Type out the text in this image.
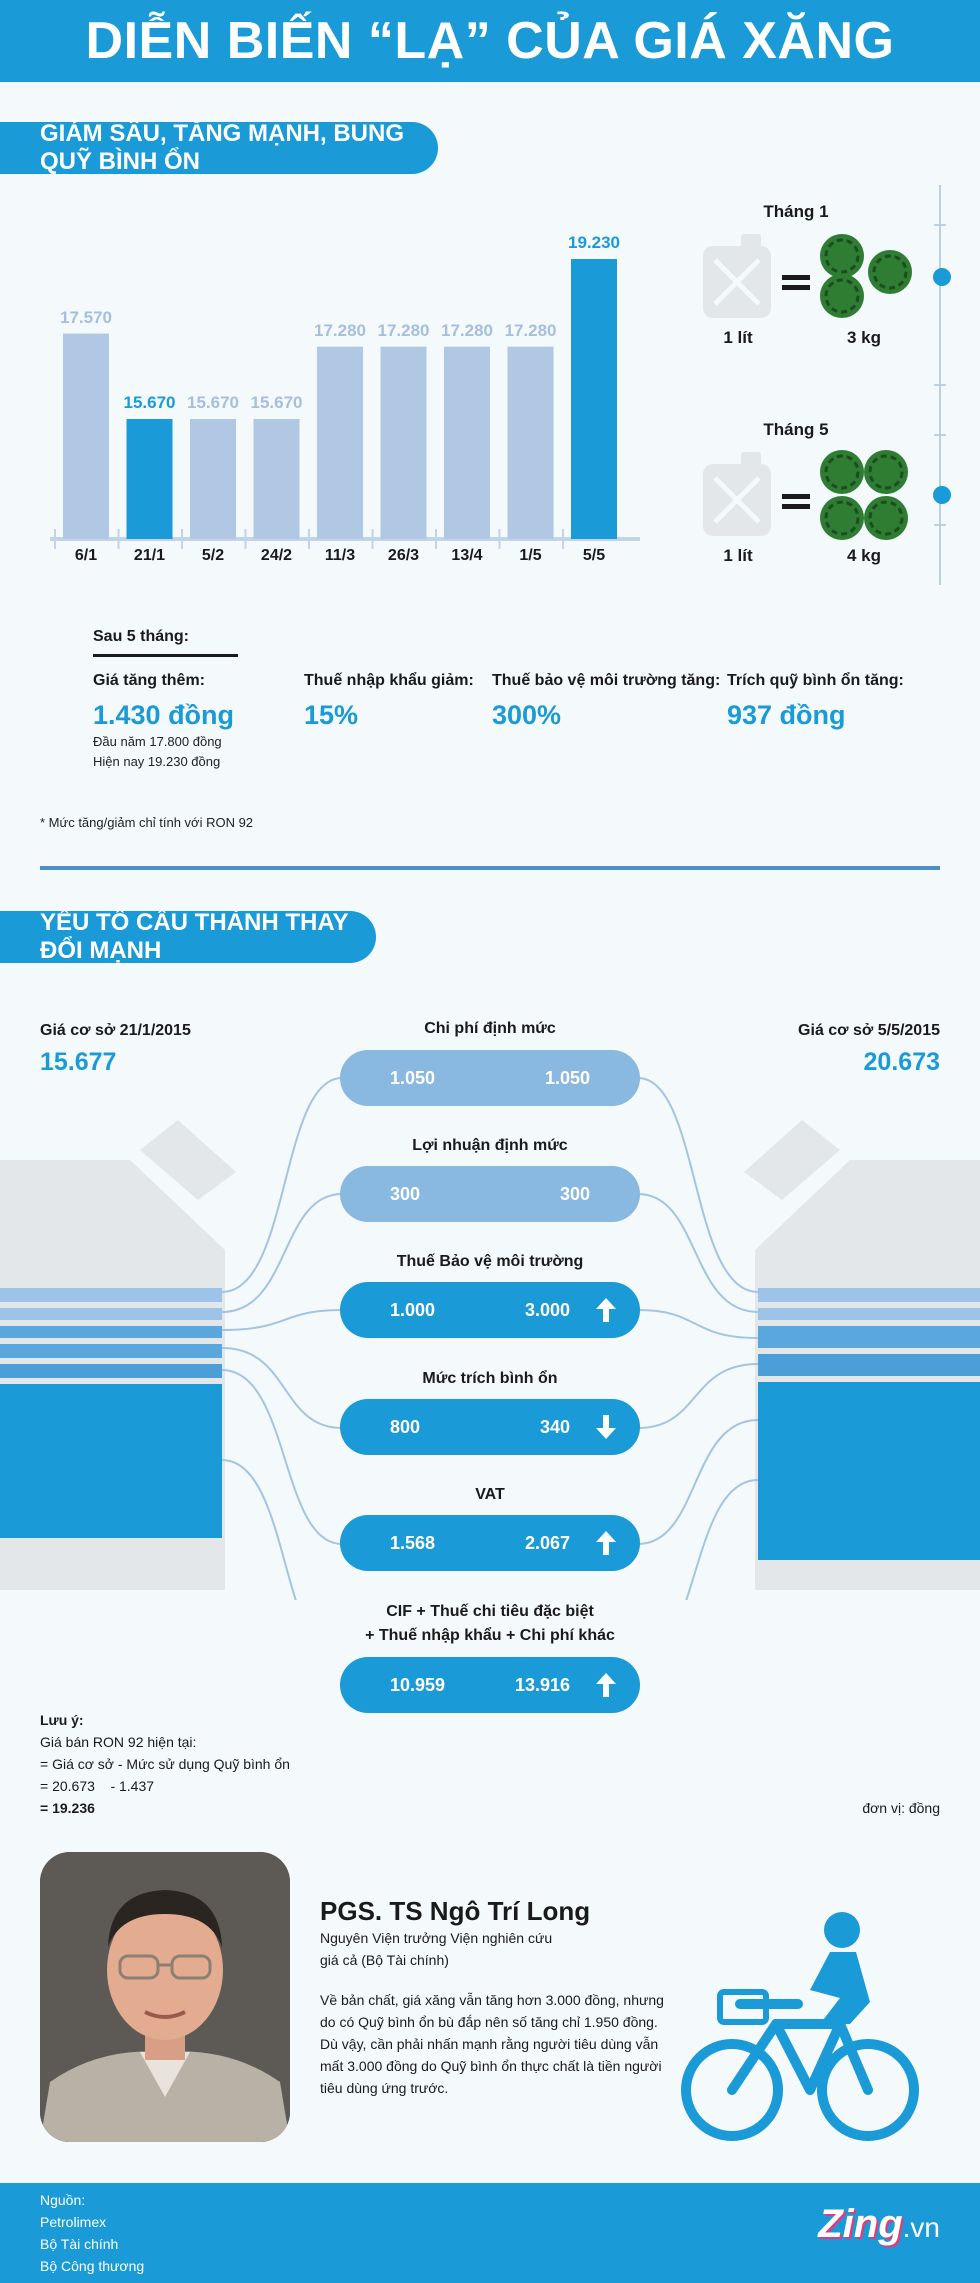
DIỄN BIẾN “LẠ” CỦA GIÁ XĂNG
GIẢM SÂU, TĂNG MẠNH, BUNG QUỸ BÌNH ỔN
17.570
6/1
15.670
21/1
15.670
5/2
15.670
24/2
17.280
11/3
17.280
26/3
17.280
13/4
17.280
1/5
19.230
5/5
Tháng 1
1 lít	3 kg
Tháng 5
1 lít	4 kg
Sau 5 tháng:
Giá tăng thêm:
1.430 đồng
Đầu năm 17.800 đồng
Hiện nay 19.230 đồng
Thuế nhập khẩu giảm:
15%
Thuế bảo vệ môi trường tăng:
300%
Trích quỹ bình ổn tăng:
937 đồng
* Mức tăng/giảm chỉ tính với RON 92
YẾU TỐ CẤU THÀNH THAY ĐỔI MẠNH
Giá cơ sở 21/1/2015
15.677
Giá cơ sở 5/5/2015
20.673
Chi phí định mức
1.050	1.050
Lợi nhuận định mức
300	300
Thuế Bảo vệ môi trường
1.000	3.000
Mức trích bình ổn
800	340
VAT
1.568	2.067
CIF + Thuế chi tiêu đặc biệt
+ Thuế nhập khẩu + Chi phí khác
10.959	13.916
Lưu ý:
Giá bán RON 92 hiện tại:
= Giá cơ sở - Mức sử dụng Quỹ bình ổn
= 20.673    - 1.437
= 19.236	đơn vị: đồng
PGS. TS Ngô Trí Long
Nguyên Viện trưởng Viện nghiên cứu
giá cả (Bộ Tài chính)
Về bản chất, giá xăng vẫn tăng hơn 3.000 đồng, nhưng
do có Quỹ bình ổn bù đắp nên số tăng chỉ 1.950 đồng.
Dù vậy, cần phải nhấn mạnh rằng người tiêu dùng vẫn
mất 3.000 đồng do Quỹ bình ổn thực chất là tiền người
tiêu dùng ứng trước.
Nguồn:
Petrolimex
Bộ Tài chính
Bộ Công thương
Zing .vn
